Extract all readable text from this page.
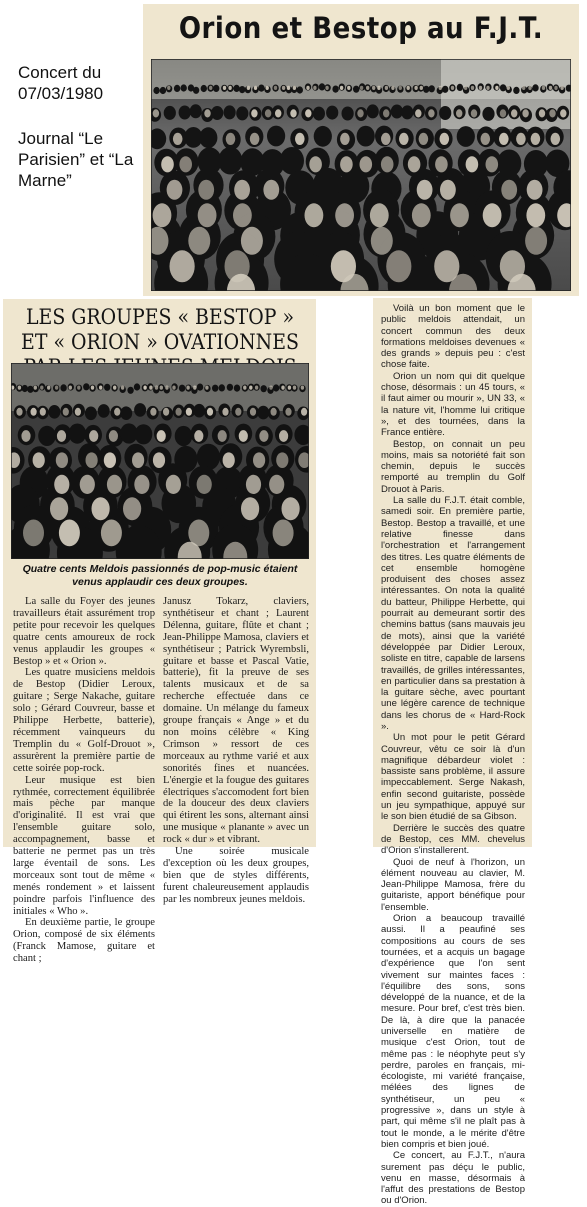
Concert du 07/03/1980
Journal “Le Parisien” et “La Marne”
Orion et Bestop au F.J.T.
LES GROUPES « BESTOP » ET « ORION » OVATIONNES
Quatre cents Meldois passionnés de pop-music étaient venus applaudir ces deux groupes.

La salle du Foyer des jeunes travailleurs était assurément trop petite pour recevoir les quelques quatre cents amoureux de rock venus applaudir les groupes « Bestop » et « Orion ».

Les quatre musiciens meldois de Bestop (Didier Leroux, guitare ; Serge Nakache, guitare solo ; Gérard Couvreur, basse et Philippe Herbette, batterie), récemment vainqueurs du Tremplin du « Golf-Drouot », assurèrent la première partie de cette soirée pop-rock.

Leur musique est bien rythmée, correctement équilibrée mais pèche par manque d'originalité. Il est vrai que l'ensemble guitare solo, accompagnement, basse et batterie ne permet pas un très large éventail de sons. Les morceaux sont tout de même « menés rondement » et laissent poindre parfois l'influence des initiales « Who ».

En deuxième partie, le groupe Orion, composé de six éléments (Franck Mamose, guitare et chant ;

Janusz Tokarz, claviers, synthétiseur et chant ; Laurent Délenna, guitare, flûte et chant ; Jean-Philippe Mamosa, claviers et synthétiseur ; Patrick Wyrembsli, guitare et basse et Pascal Vatie, batterie), fit la preuve de ses talents musicaux et de sa recherche effectuée dans ce domaine. Un mélange du fameux groupe français « Ange » et du non moins célèbre « King Crimson » ressort de ces morceaux au rythme varié et aux sonorités fines et nuancées. L'énergie et la fougue des guitares électriques s'accomodent fort bien de la douceur des deux claviers qui étirent les sons, alternant ainsi une musique « planante » avec un rock « dur » et vibrant.

Une soirée musicale d'exception où les deux groupes, bien que de styles différents, furent chaleureusement applaudis par les nombreux jeunes meldois.

Voilà un bon moment que le public meldois attendait, un concert commun des deux formations meldoises devenues « des grands » depuis peu : c'est chose faite.

Orion un nom qui dit quelque chose, désormais : un 45 tours, « il faut aimer ou mourir », UN 33, « la nature vit, l'homme lui critique », et des tournées, dans la France entière.

Bestop, on connait un peu moins, mais sa notoriété fait son chemin, depuis le succès remporté au tremplin du Golf Drouot à Paris.

La salle du F.J.T. était comble, samedi soir. En première partie, Bestop. Bestop a travaillé, et une relative finesse dans l'orchestration et l'arrangement des titres. Les quatre éléments de cet ensemble homogène produisent des choses assez intéressantes. On nota la qualité du batteur, Philippe Herbette, qui pourrait au demeurant sortir des chemins battus (sans mauvais jeu de mots), ainsi que la variété développée par Didier Leroux, soliste en titre, capable de larsens travaillés, de grilles intéressantes, en particulier dans sa prestation à la guitare sèche, avec pourtant une légère carence de technique dans les chorus de « Hard-Rock ».

Un mot pour le petit Gérard Couvreur, vêtu ce soir là d'un magnifique débardeur violet : bassiste sans problème, il assure impeccablement. Serge Nakash, enfin second guitariste, possède un jeu sympathique, appuyé sur le son bien étudié de sa Gibson.

Derrière le succès des quatre de Bestop, ces MM. chevelus d'Orion s'installerent.

Quoi de neuf à l'horizon, un élément nouveau au clavier, M. Jean-Philippe Mamosa, frère du guitariste, apport bénéfique pour l'ensemble.

Orion a beaucoup travaillé aussi. Il a peaufiné ses compositions au cours de ses tournées, et a acquis un bagage d'expérience que l'on sent vivement sur maintes faces : l'équilibre des sons, sons développé de la nuance, et de la mesure. Pour bref, c'est très bien. De là, à dire que la panacée universelle en matière de musique c'est Orion, tout de même pas : le néophyte peut s'y perdre, paroles en français, mi-écologiste, mi variété française, mélées des lignes de synthétiseur, un peu « progressive », dans un style à part, qui même s'il ne plaît pas à tout le monde, a le mérite d'être bien compris et bien joué.

Ce concert, au F.J.T., n'aura surement pas déçu le public, venu en masse, désormais à l'affut des prestations de Bestop ou d'Orion.
